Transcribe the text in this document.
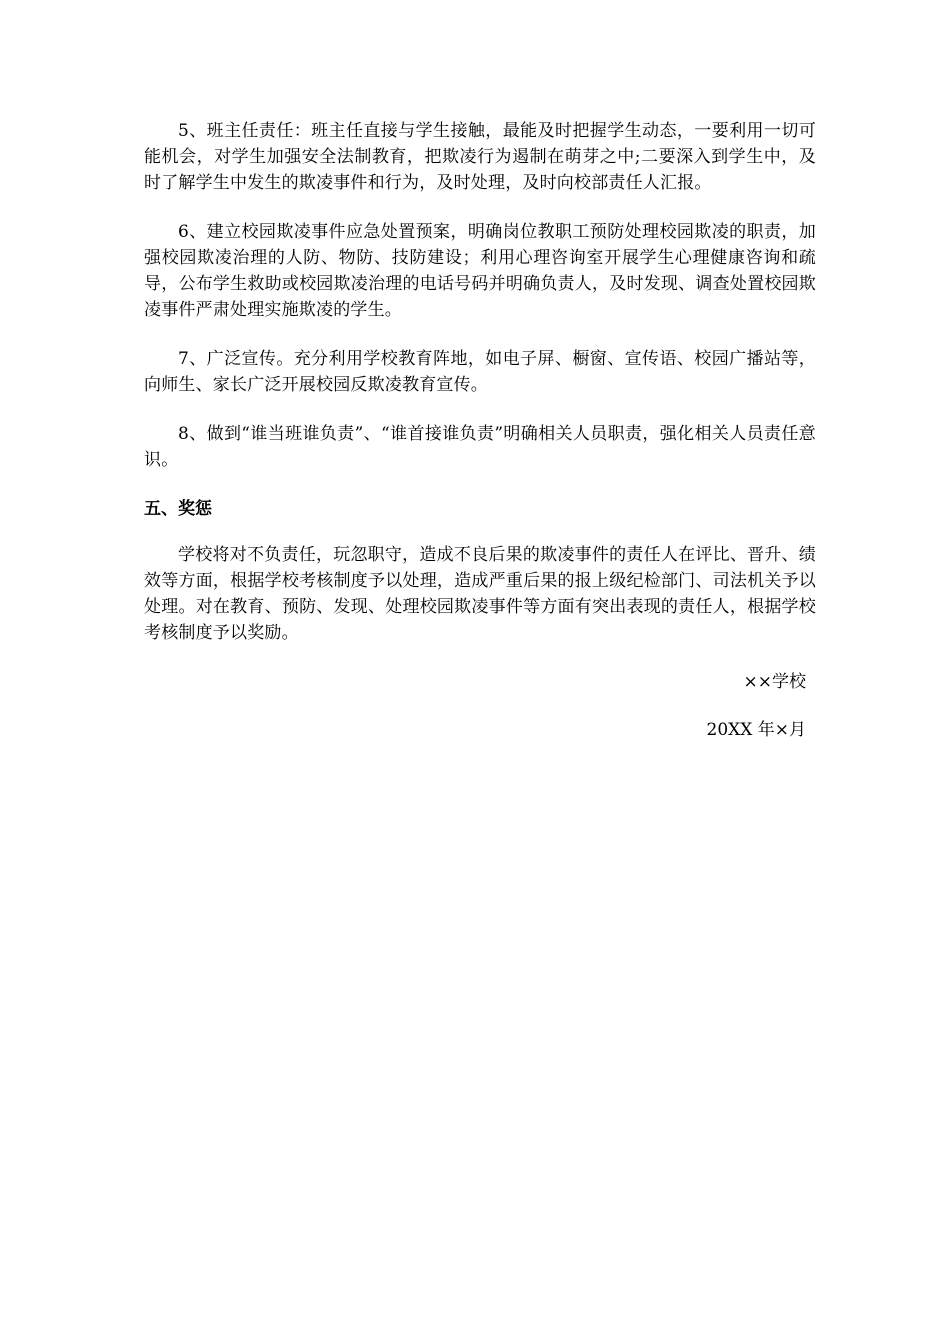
5、班主任责任：班主任直接与学生接触，最能及时把握学生动态，一要利用一切可能机会，对学生加强安全法制教育，把欺凌行为遏制在萌芽之中;二要深入到学生中，及时了解学生中发生的欺凌事件和行为，及时处理，及时向校部责任人汇报。

6、建立校园欺凌事件应急处置预案，明确岗位教职工预防处理校园欺凌的职责，加强校园欺凌治理的人防、物防、技防建设；利用心理咨询室开展学生心理健康咨询和疏导，公布学生救助或校园欺凌治理的电话号码并明确负责人，及时发现、调查处置校园欺凌事件严肃处理实施欺凌的学生。

7、广泛宣传。充分利用学校教育阵地，如电子屏、橱窗、宣传语、校园广播站等，向师生、家长广泛开展校园反欺凌教育宣传。

8、做到“谁当班谁负责”、“谁首接谁负责”明确相关人员职责，强化相关人员责任意识。

五、奖惩

学校将对不负责任，玩忽职守，造成不良后果的欺凌事件的责任人在评比、晋升、绩效等方面，根据学校考核制度予以处理，造成严重后果的报上级纪检部门、司法机关予以处理。对在教育、预防、发现、处理校园欺凌事件等方面有突出表现的责任人，根据学校考核制度予以奖励。

××学校
20XX 年×月
